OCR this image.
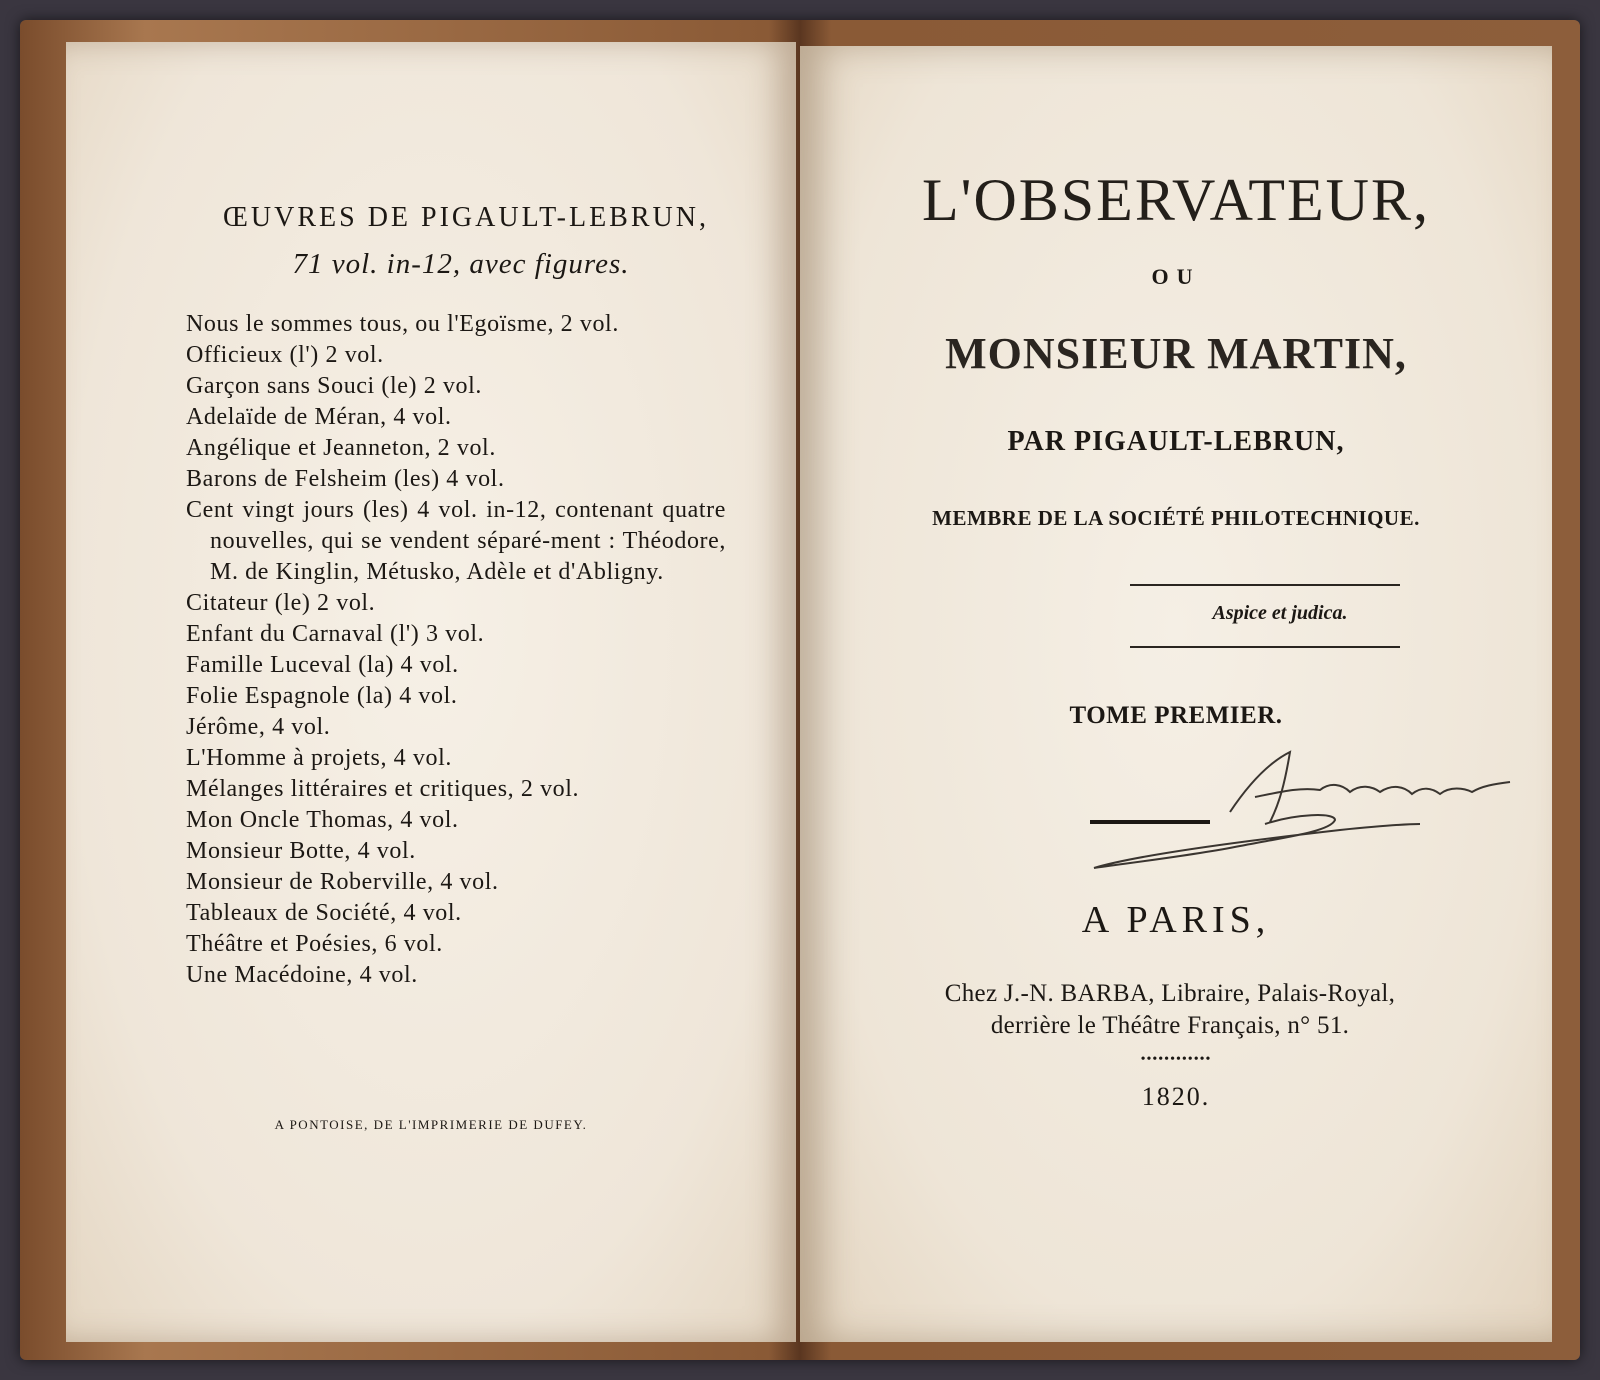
ŒUVRES DE PIGAULT-LEBRUN,
71 vol. in-12, avec figures.
Nous le sommes tous, ou l'Egoïsme, 2 vol.
Officieux (l') 2 vol.
Garçon sans Souci (le) 2 vol.
Adelaïde de Méran, 4 vol.
Angélique et Jeanneton, 2 vol.
Barons de Felsheim (les) 4 vol.
Cent vingt jours (les) 4 vol. in-12, contenant quatre nouvelles, qui se vendent séparé-ment : Théodore, M. de Kinglin, Métusko, Adèle et d'Abligny.
Citateur (le) 2 vol.
Enfant du Carnaval (l') 3 vol.
Famille Luceval (la) 4 vol.
Folie Espagnole (la) 4 vol.
Jérôme, 4 vol.
L'Homme à projets, 4 vol.
Mélanges littéraires et critiques, 2 vol.
Mon Oncle Thomas, 4 vol.
Monsieur Botte, 4 vol.
Monsieur de Roberville, 4 vol.
Tableaux de Société, 4 vol.
Théâtre et Poésies, 6 vol.
Une Macédoine, 4 vol.
A PONTOISE, DE L'IMPRIMERIE DE DUFEY.
L'OBSERVATEUR,
OU
MONSIEUR MARTIN,
PAR PIGAULT-LEBRUN,
MEMBRE DE LA SOCIÉTÉ PHILOTECHNIQUE.
Aspice et judica.
TOME PREMIER.
A PARIS,
Chez J.-N. BARBA, Libraire, Palais-Royal,
derrière le Théâtre Français, n° 51.
••••••••••••
1820.
